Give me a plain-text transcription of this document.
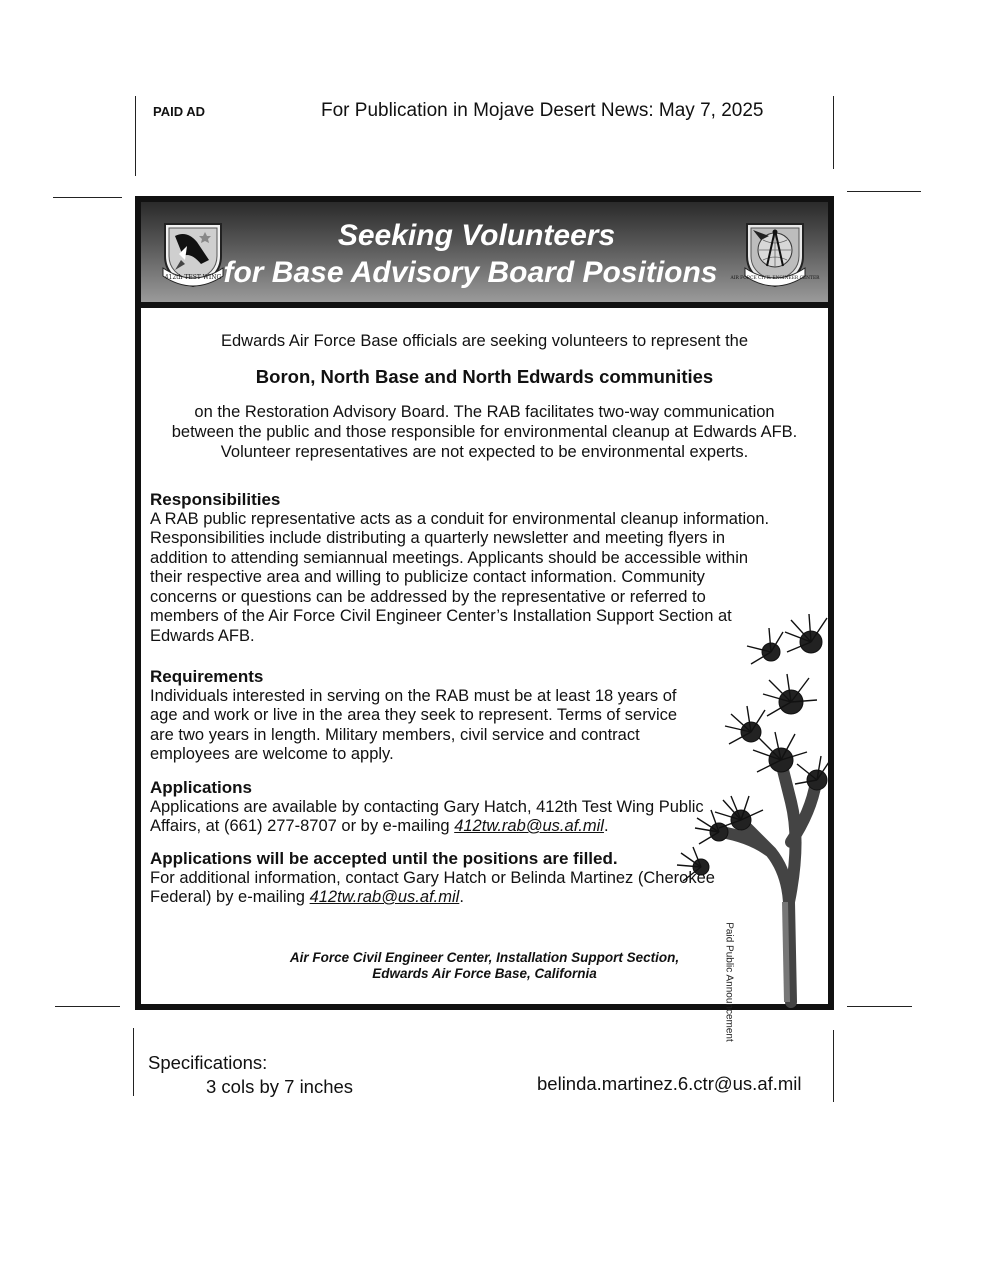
PAID AD	For Publication in Mojave Desert News: May 7, 2025
412th TEST WING
Seeking Volunteers
for Base Advisory Board Positions	AIR FORCE CIVIL ENGINEER CENTER
Edwards Air Force Base officials are seeking volunteers to represent the
Boron, North Base and North Edwards communities
on the Restoration Advisory Board. The RAB facilitates two-way communication between the public and those responsible for environmental cleanup at Edwards AFB. Volunteer representatives are not expected to be environmental experts.
Responsibilities
A RAB public representative acts as a conduit for environmental cleanup information. Responsibilities include distributing a quarterly newsletter and meeting flyers in addition to attending semiannual meetings. Applicants should be accessible within their respective area and willing to publicize contact information. Community concerns or questions can be addressed by the representative or referred to members of the Air Force Civil Engineer Center’s Installation Support Section at Edwards AFB.
Requirements
Individuals interested in serving on the RAB must be at least 18 years of age and work or live in the area they seek to represent. Terms of service are two years in length. Military members, civil service and contract employees are welcome to apply.
Applications
Applications are available by contacting Gary Hatch, 412th Test Wing Public Affairs, at (661) 277-8707 or by e-mailing 412tw.rab@us.af.mil.
Applications will be accepted until the positions are filled.
For additional information, contact Gary Hatch or Belinda Martinez (Cherokee Federal) by e-mailing 412tw.rab@us.af.mil.
Air Force Civil Engineer Center, Installation Support Section,
Edwards Air Force Base, California	Paid Public Announcement
Specifications:
3 cols by 7 inches	belinda.martinez.6.ctr@us.af.mil
